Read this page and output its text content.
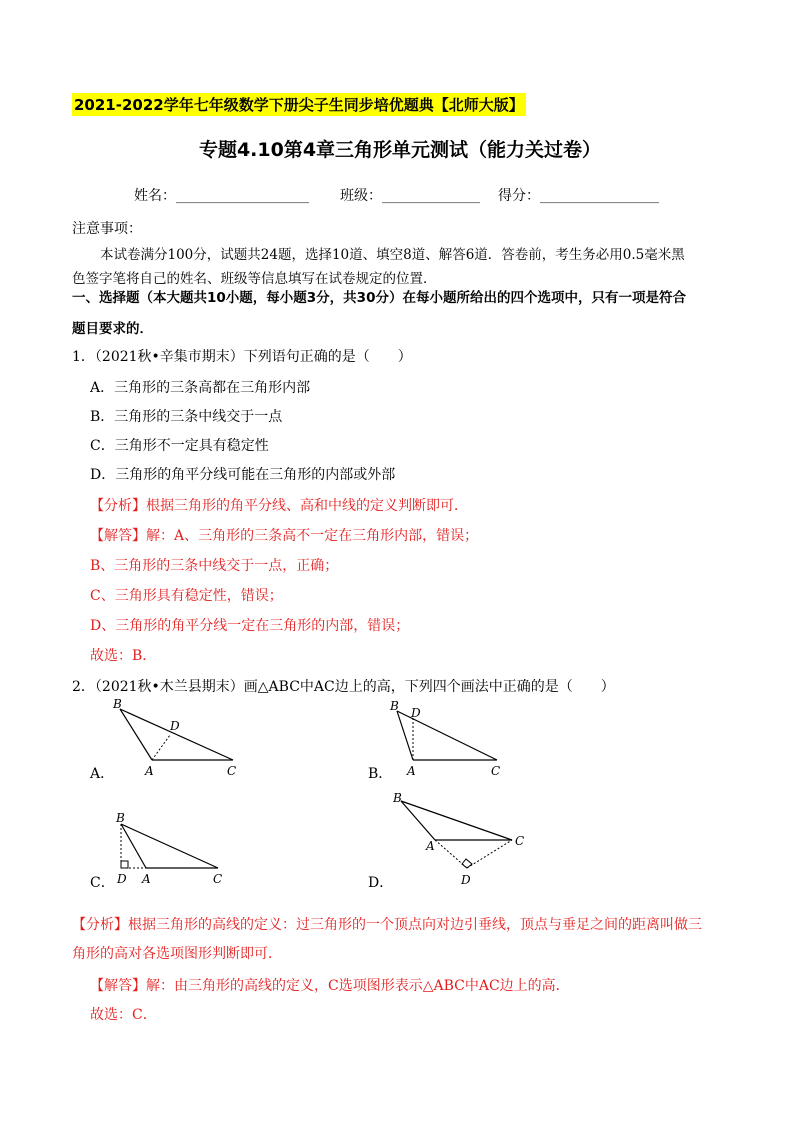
2021-2022学年七年级数学下册尖子生同步培优题典【北师大版】
专题4.10第4章三角形单元测试（能力关过卷）
姓名：___________________ 班级：______________ 得分：_________________
注意事项：
本试卷满分100分，试题共24题，选择10道、填空8道、解答6道．答卷前，考生务必用0.5毫米黑
色签字笔将自己的姓名、班级等信息填写在试卷规定的位置．
一、选择题（本大题共10小题，每小题3分，共30分）在每小题所给出的四个选项中，只有一项是符合
题目要求的．
1．（2021秋•辛集市期末）下列语句正确的是（　　）
A．三角形的三条高都在三角形内部
B．三角形的三条中线交于一点
C．三角形不一定具有稳定性
D．三角形的角平分线可能在三角形的内部或外部
【分析】根据三角形的角平分线、高和中线的定义判断即可．
【解答】解：A、三角形的三条高不一定在三角形内部，错误；
B、三角形的三条中线交于一点，正确；
C、三角形具有稳定性，错误；
D、三角形的角平分线一定在三角形的内部，错误；
故选：B．
2．（2021秋•木兰县期末）画△ABC中AC边上的高，下列四个画法中正确的是（　　）
A．	B．
C．	D．
B
D
A	C
B D
A	C
B
D A	C
B
A	C
D
【分析】根据三角形的高线的定义：过三角形的一个顶点向对边引垂线，顶点与垂足之间的距离叫做三
角形的高对各选项图形判断即可．
【解答】解：由三角形的高线的定义，C选项图形表示△ABC中AC边上的高．
故选：C．
